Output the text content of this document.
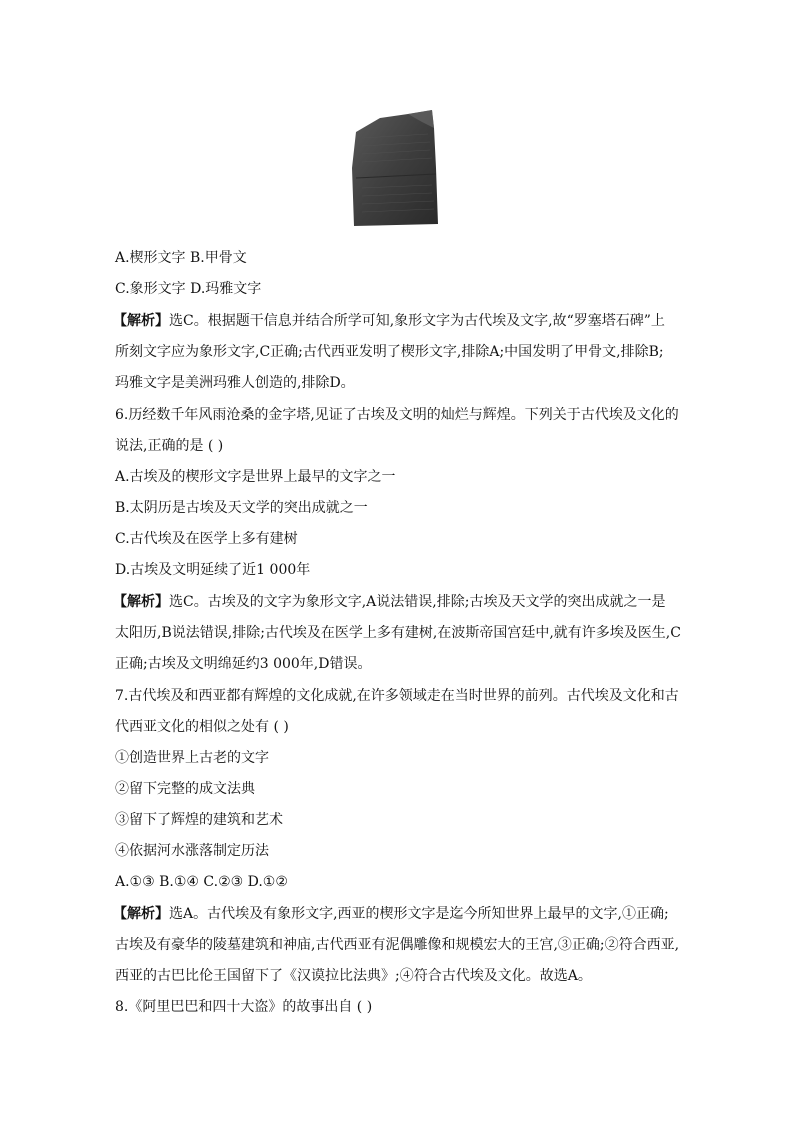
A.楔形文字 B.甲骨文
C.象形文字 D.玛雅文字
【解析】选C。根据题干信息并结合所学可知,象形文字为古代埃及文字,故“罗塞塔石碑”上
所刻文字应为象形文字,C正确;古代西亚发明了楔形文字,排除A;中国发明了甲骨文,排除B;
玛雅文字是美洲玛雅人创造的,排除D。
6.历经数千年风雨沧桑的金字塔,见证了古埃及文明的灿烂与辉煌。下列关于古代埃及文化的
说法,正确的是 ( )
A.古埃及的楔形文字是世界上最早的文字之一
B.太阴历是古埃及天文学的突出成就之一
C.古代埃及在医学上多有建树
D.古埃及文明延续了近1 000年
【解析】选C。古埃及的文字为象形文字,A说法错误,排除;古埃及天文学的突出成就之一是
太阳历,B说法错误,排除;古代埃及在医学上多有建树,在波斯帝国宫廷中,就有许多埃及医生,C
正确;古埃及文明绵延约3 000年,D错误。
7.古代埃及和西亚都有辉煌的文化成就,在许多领域走在当时世界的前列。古代埃及文化和古
代西亚文化的相似之处有 ( )
①创造世界上古老的文字
②留下完整的成文法典
③留下了辉煌的建筑和艺术
④依据河水涨落制定历法
A.①③ B.①④ C.②③ D.①②
【解析】选A。古代埃及有象形文字,西亚的楔形文字是迄今所知世界上最早的文字,①正确;
古埃及有豪华的陵墓建筑和神庙,古代西亚有泥偶雕像和规模宏大的王宫,③正确;②符合西亚,
西亚的古巴比伦王国留下了《汉谟拉比法典》;④符合古代埃及文化。故选A。
8.《阿里巴巴和四十大盗》的故事出自 ( )
